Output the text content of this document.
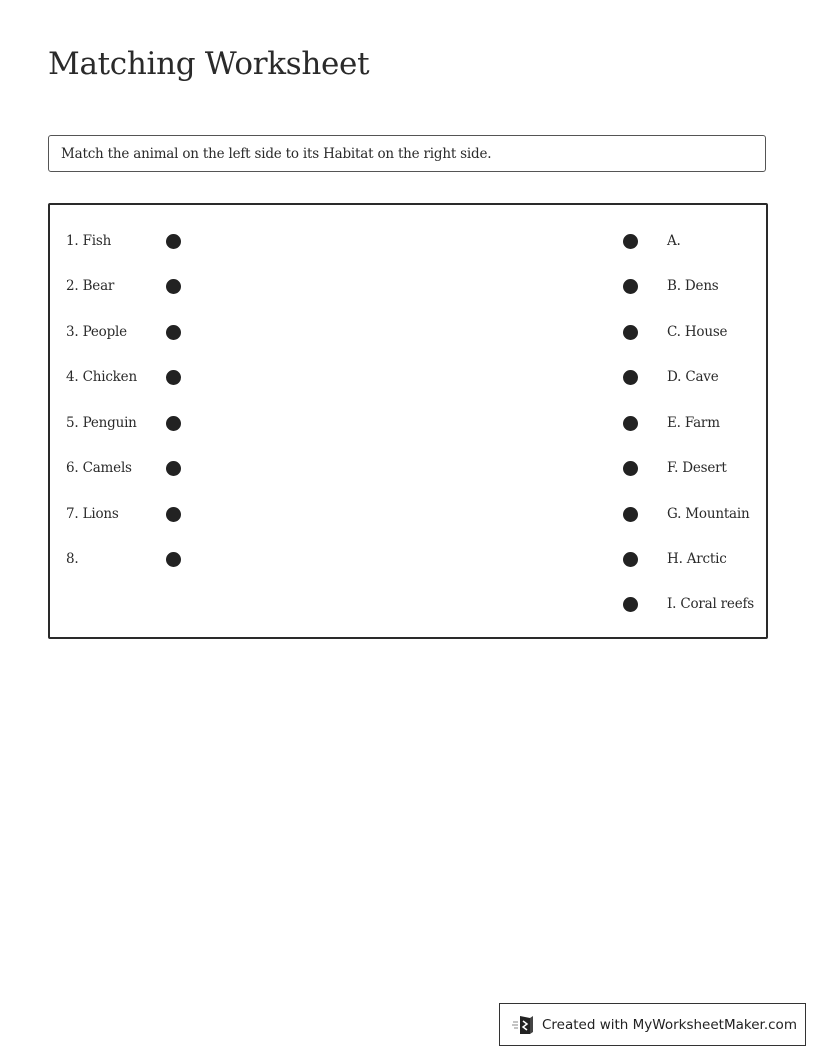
Matching Worksheet
Match the animal on the left side to its Habitat on the right side.
1. Fish	A.
2. Bear	B. Dens
3. People	C. House
4. Chicken	D. Cave
5. Penguin	E. Farm
6. Camels	F. Desert
7. Lions	G. Mountain
8.	H. Arctic
I. Coral reefs
Created with MyWorksheetMaker.com
